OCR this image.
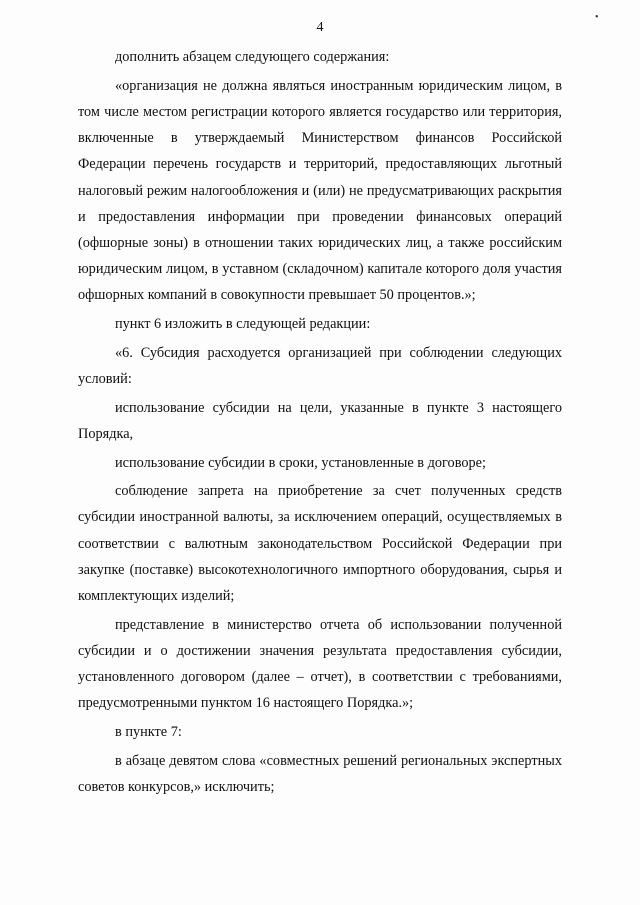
4
•

дополнить абзацем следующего содержания:

«организация не должна являться иностранным юридическим лицом, в том числе местом регистрации которого является государство или территория, включенные в утверждаемый Министерством финансов Российской Федерации перечень государств и территорий, предоставляющих льготный налоговый режим налогообложения и (или) не предусматривающих раскрытия и предоставления информации при проведении финансовых операций (офшорные зоны) в отношении таких юридических лиц, а также российским юридическим лицом, в уставном (складочном) капитале которого доля участия офшорных компаний в совокупности превышает 50 процентов.»;

пункт 6 изложить в следующей редакции:

«6. Субсидия расходуется организацией при соблюдении следующих условий:

использование субсидии на цели, указанные в пункте 3 настоящего Порядка,

использование субсидии в сроки, установленные в договоре;

соблюдение запрета на приобретение за счет полученных средств субсидии иностранной валюты, за исключением операций, осуществляемых в соответствии с валютным законодательством Российской Федерации при закупке (поставке) высокотехнологичного импортного оборудования, сырья и комплектующих изделий;

представление в министерство отчета об использовании полученной субсидии и о достижении значения результата предоставления субсидии, установленного договором (далее – отчет), в соответствии с требованиями, предусмотренными пунктом 16 настоящего Порядка.»;

в пункте 7:

в абзаце девятом слова «совместных решений региональных экспертных советов конкурсов,» исключить;
